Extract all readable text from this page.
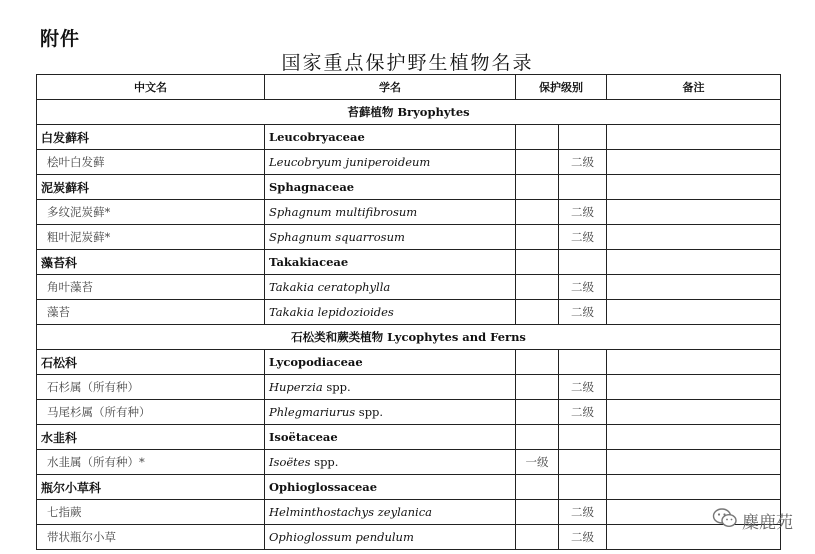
附件
国家重点保护野生植物名录
中文名	学名	保护级别		备注
苔藓植物 Bryophytes				
白发藓科	Leucobryaceae			
桧叶白发藓	Leucobryum juniperoideum		二级	
泥炭藓科	Sphagnaceae			
多纹泥炭藓*	Sphagnum multifibrosum		二级	
粗叶泥炭藓*	Sphagnum squarrosum		二级	
藻苔科	Takakiaceae			
角叶藻苔	Takakia ceratophylla		二级	
藻苔	Takakia lepidozioides		二级	
石松类和蕨类植物 Lycophytes and Ferns				
石松科	Lycopodiaceae			
石杉属（所有种）	Huperzia spp.		二级	
马尾杉属（所有种）	Phlegmariurus spp.		二级	
水韭科	Isoëtaceae			
水韭属（所有种）*	Isoëtes spp.	一级		
瓶尔小草科	Ophioglossaceae			
七指蕨	Helminthostachys zeylanica		二级	
带状瓶尔小草	Ophioglossum pendulum		二级	
麋鹿苑
